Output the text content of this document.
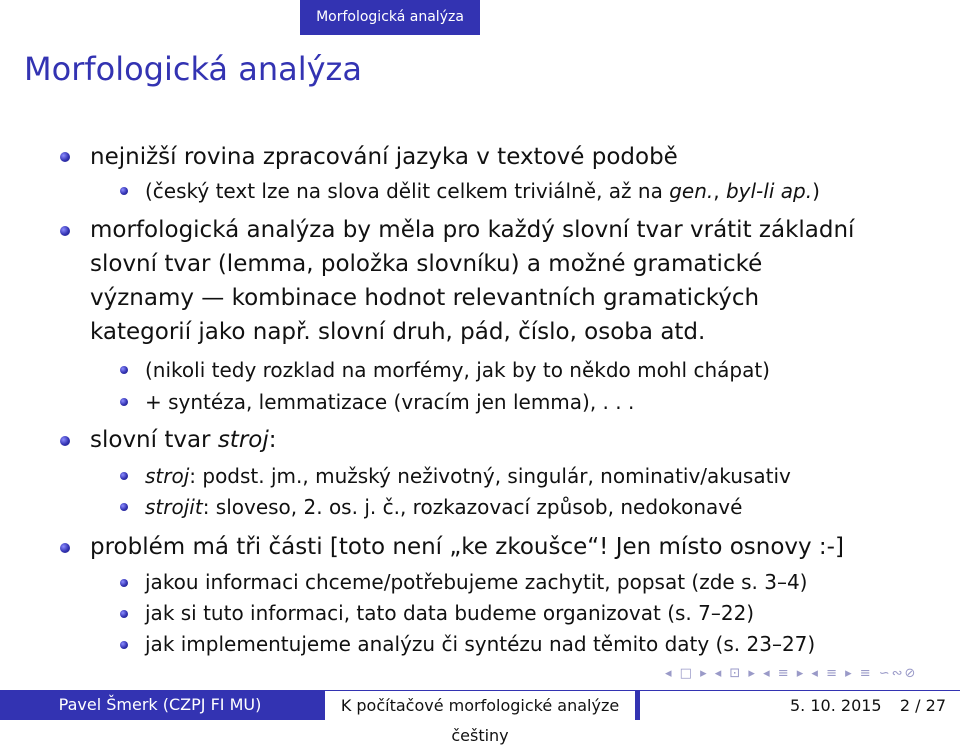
Morfologická analýza
Morfologická analýza
nejnižší rovina zpracování jazyka v textové podobě
(český text lze na slova dělit celkem triviálně, až na gen., byl-li ap.)
morfologická analýza by měla pro každý slovní tvar vrátit základní
slovní tvar (lemma, položka slovníku) a možné gramatické
významy — kombinace hodnot relevantních gramatických
kategorií jako např. slovní druh, pád, číslo, osoba atd.
(nikoli tedy rozklad na morfémy, jak by to někdo mohl chápat)
+ syntéza, lemmatizace (vracím jen lemma), . . .
slovní tvar stroj:
stroj: podst. jm., mužský neživotný, singulár, nominativ/akusativ
strojit: sloveso, 2. os. j. č., rozkazovací způsob, nedokonavé
problém má tři části [toto není „ke zkoušce“! Jen místo osnovy :-]
jakou informaci chceme/potřebujeme zachytit, popsat (zde s. 3–4)
jak si tuto informaci, tato data budeme organizovat (s. 7–22)
jak implementujeme analýzu či syntézu nad těmito daty (s. 23–27)
◂ □ ▸ ◂ ⊡ ▸ ◂ ≡ ▸ ◂ ≡ ▸ ≡ ∽∾⊘
Pavel Šmerk (CZPJ FI MU)	K počítačové morfologické analýze češtiny
5. 10. 2015 2 / 27
